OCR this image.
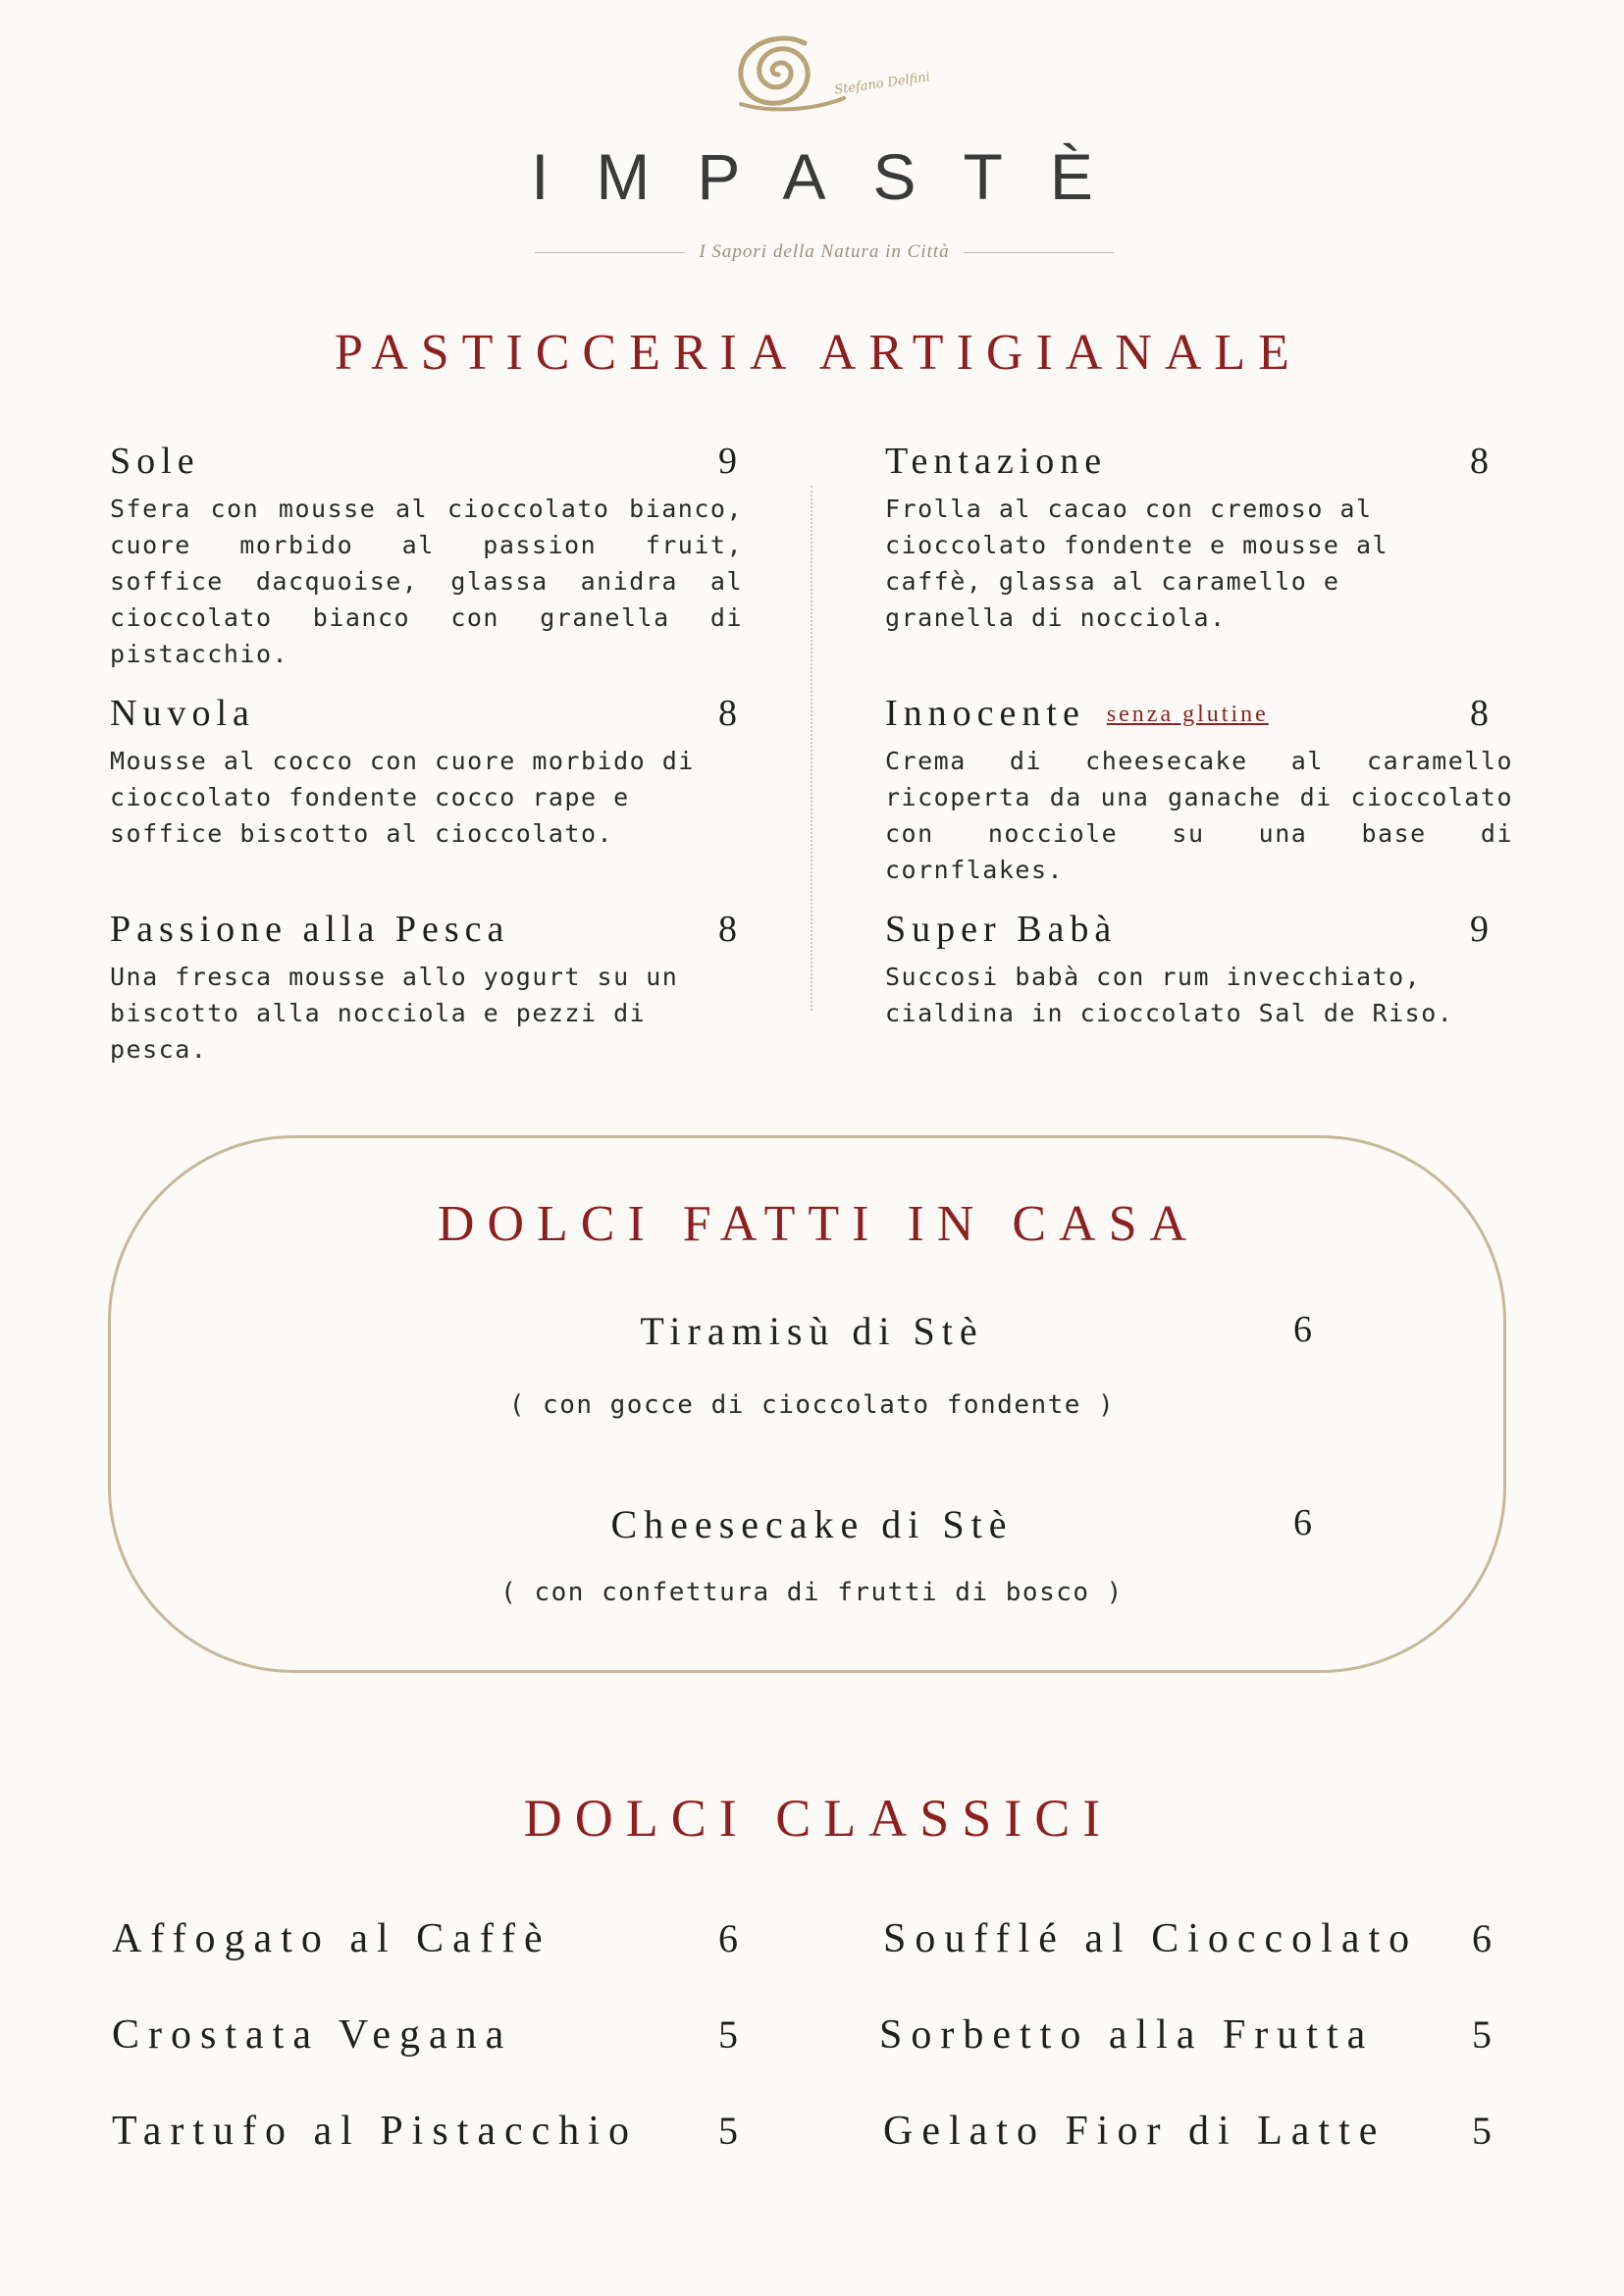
Stefano Delfini
IMPASTÈ
I Sapori della Natura in Città
PASTICCERIA ARTIGIANALE
Sole	9
Sfera con mousse al cioccolato bianco, cuore morbido al passion fruit, soffice dacquoise, glassa anidra al cioccolato bianco con granella di pistacchio.
Nuvola	8
Mousse al cocco con cuore morbido di cioccolato fondente cocco rape e soffice biscotto al cioccolato.
Passione alla Pesca	8
Una fresca mousse allo yogurt su un biscotto alla nocciola e pezzi di pesca.
Tentazione	8
Frolla al cacao con cremoso al cioccolato fondente e mousse al caffè, glassa al caramello e granella di nocciola.
Innocente senza glutine	8
Crema di cheesecake al caramello ricoperta da una ganache di cioccolato con nocciole su una base di cornflakes.
Super Babà	9
Succosi babà con rum invecchiato, cialdina in cioccolato Sal de Riso.
DOLCI FATTI IN CASA
Tiramisù di Stè	6
( con gocce di cioccolato fondente )
Cheesecake di Stè	6
( con confettura di frutti di bosco )
DOLCI CLASSICI
Affogato al Caffè	6
Crostata Vegana	5
Tartufo al Pistacchio 5
Soufflé al Cioccolato 6
Sorbetto alla Frutta 5
Gelato Fior di Latte 5
